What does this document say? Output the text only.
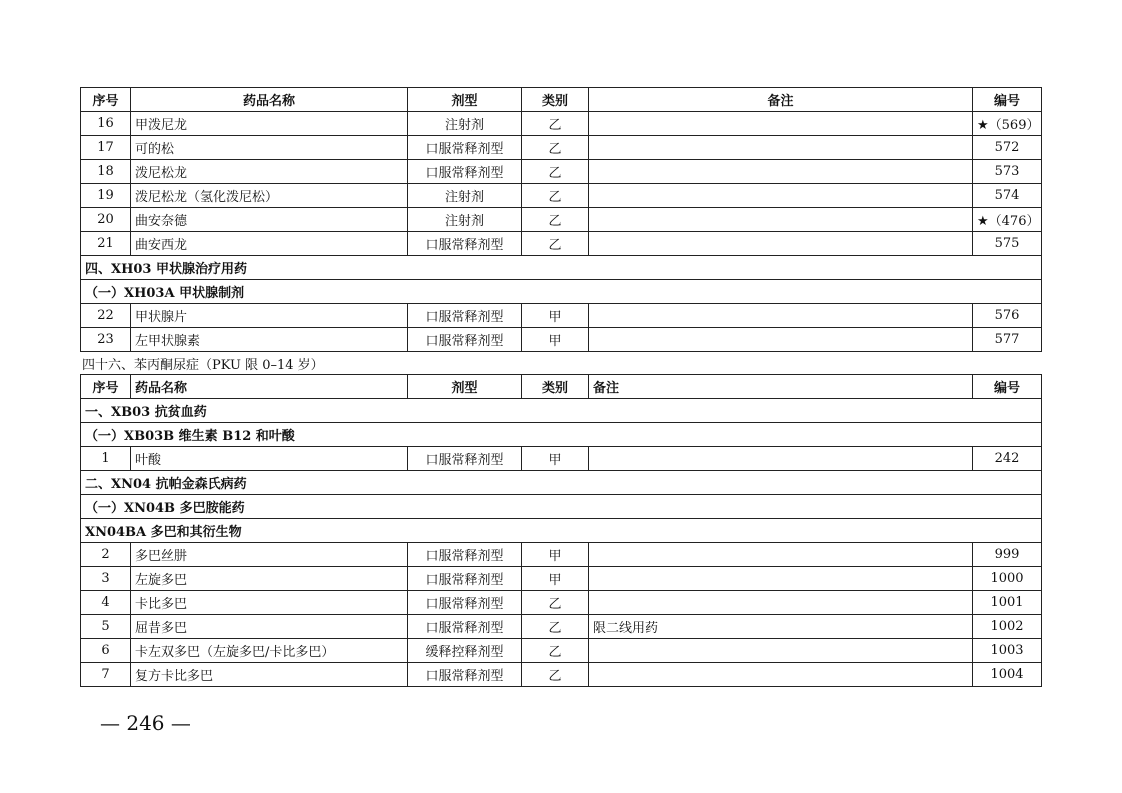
序号	药品名称	剂型	类别	备注	编号
16	甲泼尼龙	注射剂	乙		★（569）
17	可的松	口服常释剂型	乙		572
18	泼尼松龙	口服常释剂型	乙		573
19	泼尼松龙（氢化泼尼松）	注射剂	乙		574
20	曲安奈德	注射剂	乙		★（476）
21	曲安西龙	口服常释剂型	乙		575
四、XH03 甲状腺治疗用药					
（一）XH03A 甲状腺制剂					
22	甲状腺片	口服常释剂型	甲		576
23	左甲状腺素	口服常释剂型	甲		577
四十六、苯丙酮尿症（PKU 限 0–14 岁）
序号	药品名称	剂型	类别	备注	编号
一、XB03 抗贫血药					
（一）XB03B 维生素 B12 和叶酸					
1	叶酸	口服常释剂型	甲		242
二、XN04 抗帕金森氏病药					
（一）XN04B 多巴胺能药					
XN04BA 多巴和其衍生物					
2	多巴丝肼	口服常释剂型	甲		999
3	左旋多巴	口服常释剂型	甲		1000
4	卡比多巴	口服常释剂型	乙		1001
5	屈昔多巴	口服常释剂型	乙	限二线用药	1002
6	卡左双多巴（左旋多巴/卡比多巴）	缓释控释剂型	乙		1003
7	复方卡比多巴	口服常释剂型	乙		1004
— 246 —
